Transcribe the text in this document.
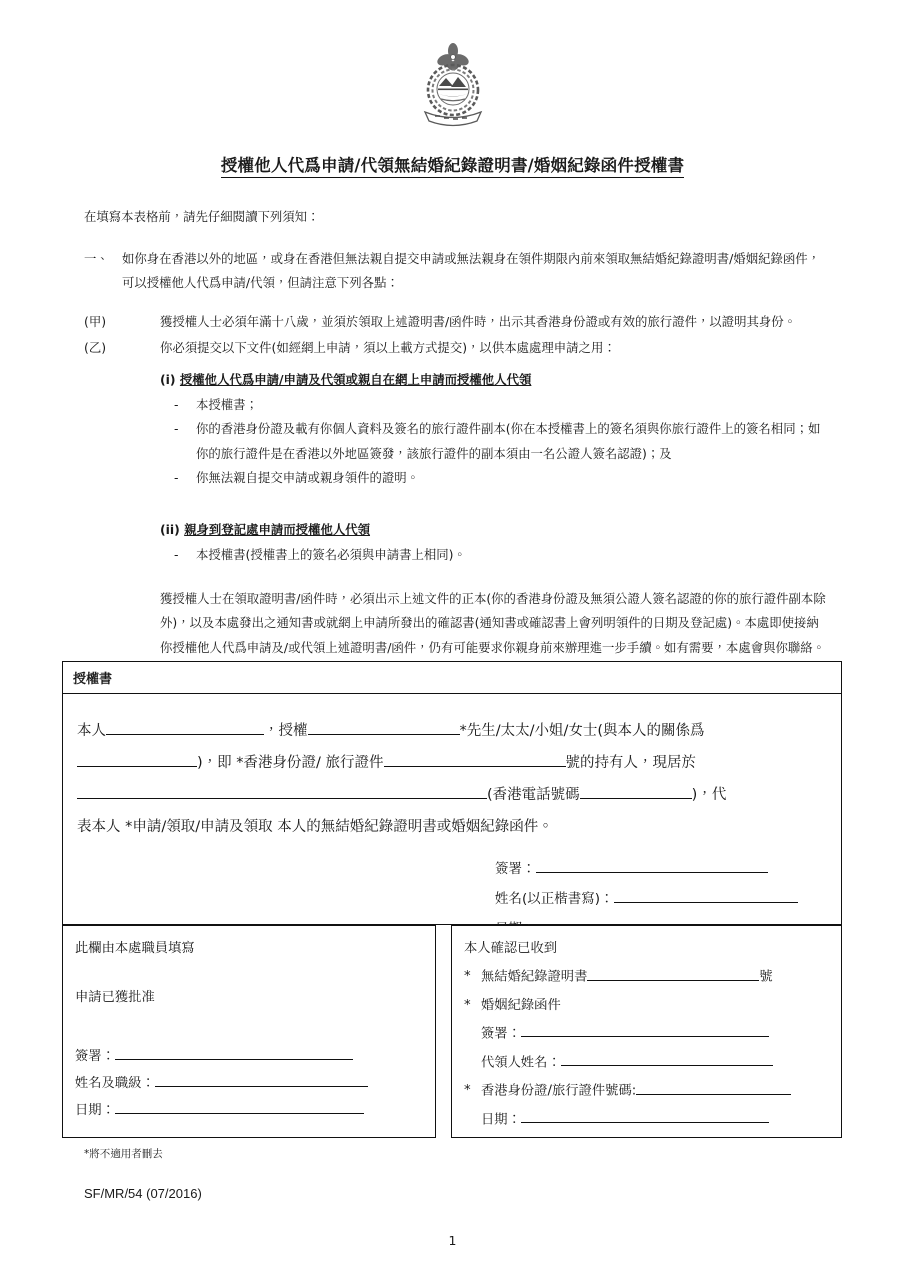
授權他人代爲申請/代領無結婚紀錄證明書/婚姻紀錄函件授權書
在填寫本表格前，請先仔細閱讀下列須知：
一、	如你身在香港以外的地區，或身在香港但無法親自提交申請或無法親身在領件期限內前來領取無結婚紀錄證明書/婚姻紀錄函件，可以授權他人代爲申請/代領，但請注意下列各點：
(甲)	獲授權人士必須年滿十八歲，並須於領取上述證明書/函件時，出示其香港身份證或有效的旅行證件，以證明其身份。
(乙)	你必須提交以下文件(如經網上申請，須以上載方式提交)，以供本處處理申請之用：
(i) 授權他人代爲申請/申請及代領或親自在網上申請而授權他人代領
-	本授權書；
-	你的香港身份證及載有你個人資料及簽名的旅行證件副本(你在本授權書上的簽名須與你旅行證件上的簽名相同；如你的旅行證件是在香港以外地區簽發，該旅行證件的副本須由一名公證人簽名認證)；及
-	你無法親自提交申請或親身領件的證明。
(ii) 親身到登記處申請而授權他人代領
-	本授權書(授權書上的簽名必須與申請書上相同)。
獲授權人士在領取證明書/函件時，必須出示上述文件的正本(你的香港身份證及無須公證人簽名認證的你的旅行證件副本除外)，以及本處發出之通知書或就網上申請所發出的確認書(通知書或確認書上會列明領件的日期及登記處)。本處即使接納你授權他人代爲申請及/或代領上述證明書/函件，仍有可能要求你親身前來辦理進一步手續。如有需要，本處會與你聯絡。
授權書
本人	，授權	*先生/太太/小姐/女士(與本人的關係爲
)，即 *香港身份證/ 旅行證件	號的持有人，現居於
(香港電話號碼	)，代
表本人 *申請/領取/申請及領取 本人的無結婚紀錄證明書或婚姻紀錄函件。
簽署：
姓名(以正楷書寫)：
此欄由本處職員填寫
申請已獲批准
簽署：
姓名及職級：
日期：
本人確認已收到
* 無結婚紀錄證明書	號
* 婚姻紀錄函件
簽署：
代領人姓名：
* 香港身份證/旅行證件號碼:
日期：
*將不適用者刪去
SF/MR/54 (07/2016)
1
